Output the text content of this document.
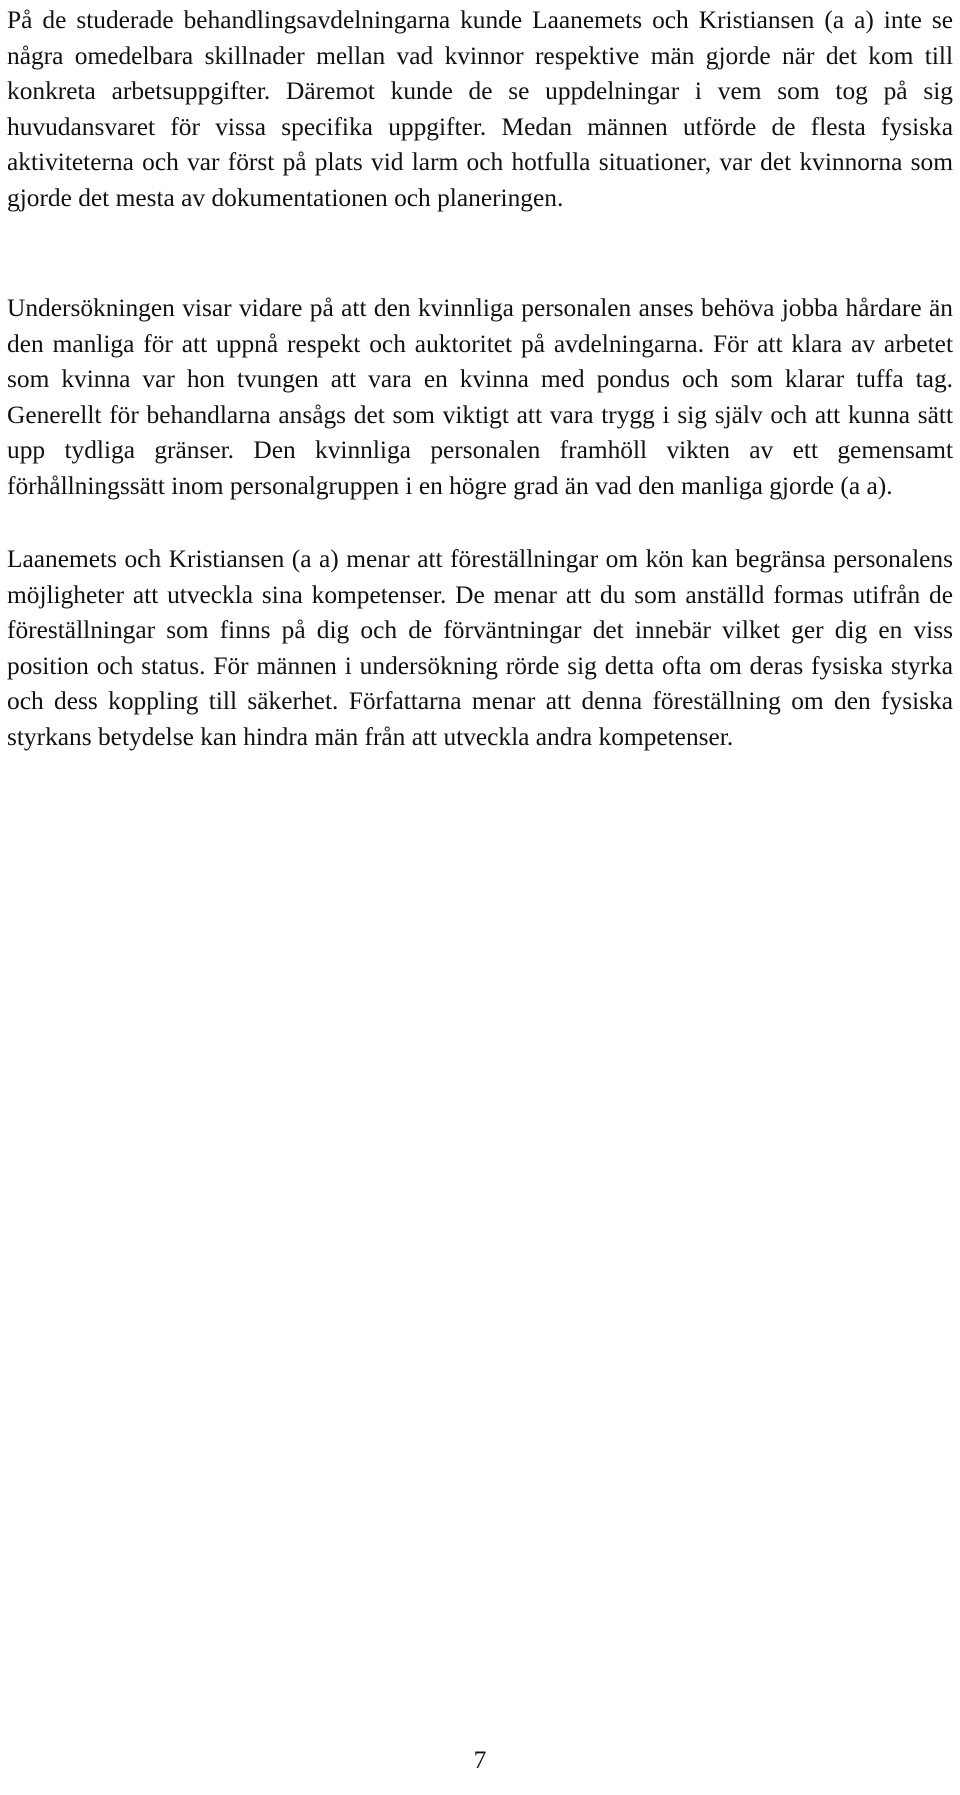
På de studerade behandlingsavdelningarna kunde Laanemets och Kristiansen (a a) inte se några omedelbara skillnader mellan vad kvinnor respektive män gjorde när det kom till konkreta arbetsuppgifter. Däremot kunde de se uppdelningar i vem som tog på sig huvudansvaret för vissa specifika uppgifter. Medan männen utförde de flesta fysiska aktiviteterna och var först på plats vid larm och hotfulla situationer, var det kvinnorna som gjorde det mesta av dokumentationen och planeringen.

Undersökningen visar vidare på att den kvinnliga personalen anses behöva jobba hårdare än den manliga för att uppnå respekt och auktoritet på avdelningarna. För att klara av arbetet som kvinna var hon tvungen att vara en kvinna med pondus och som klarar tuffa tag. Generellt för behandlarna ansågs det som viktigt att vara trygg i sig själv och att kunna sätt upp tydliga gränser. Den kvinnliga personalen framhöll vikten av ett gemensamt förhållningssätt inom personalgruppen i en högre grad än vad den manliga gjorde (a a).

Laanemets och Kristiansen (a a) menar att föreställningar om kön kan begränsa personalens möjligheter att utveckla sina kompetenser. De menar att du som anställd formas utifrån de föreställningar som finns på dig och de förväntningar det innebär vilket ger dig en viss position och status. För männen i undersökning rörde sig detta ofta om deras fysiska styrka och dess koppling till säkerhet. Författarna menar att denna föreställning om den fysiska styrkans betydelse kan hindra män från att utveckla andra kompetenser.

7
